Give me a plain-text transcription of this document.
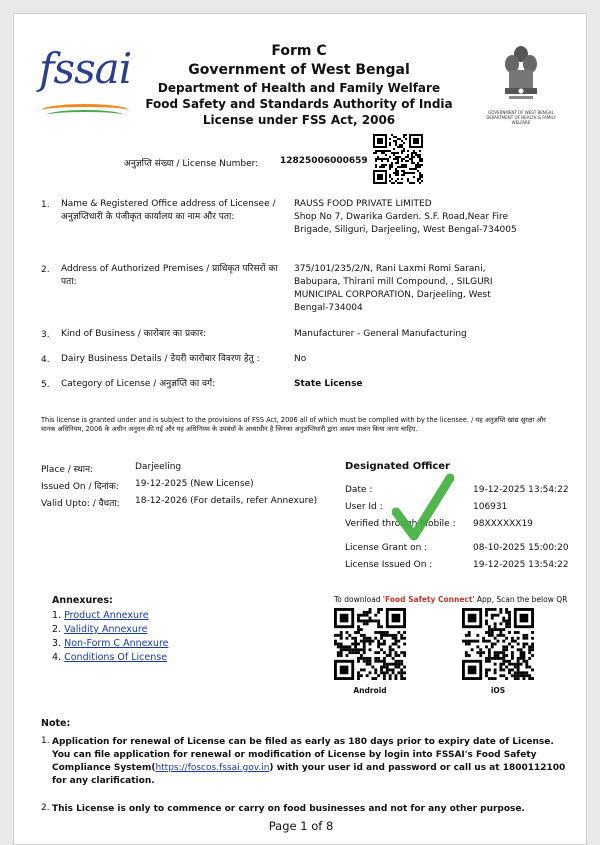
fssai
GOVERNMENT OF WEST BENGAL
DEPARTMENT OF HEALTH & FAMILY WELFARE
Form C
Government of West Bengal
Department of Health and Family Welfare
Food Safety and Standards Authority of India
License under FSS Act, 2006
अनुज्ञप्ति संख्या / License Number: 12825006000659
1. Name & Registered Office address of Licensee / अनुज्ञप्तिधारी के पंजीकृत कार्यालय का नाम और पता:
RAUSS FOOD PRIVATE LIMITED
Shop No 7, Dwarika Garden. S.F. Road,Near Fire Brigade, Siliguri, Darjeeling, West Bengal-734005
2. Address of Authorized Premises / प्राधिकृत परिसरों का पता:
375/101/235/2/N, Rani Laxmi Romi Sarani, Babupara, Thirani mill Compound, , SILGURI MUNICIPAL CORPORATION, Darjeeling, West Bengal-734004
3. Kind of Business / कारोबार का प्रकार:	Manufacturer - General Manufacturing
4. Dairy Business Details / डेयरी कारोबार विवरण हेतु :	No
5. Category of License / अनुज्ञप्ति का वर्ग:	State License
This license is granted under and is subject to the provisions of FSS Act, 2006 all of which must be complied with by the licensee. / यह अनुज्ञप्ति खाद्य सुरक्षा और मानक अधिनियम, 2006 के अधीन अनुदत्त की गई और यह अधिनियम के उपबंधों के अध्याधीन है जिनका अनुज्ञप्तिधारी द्वारा अवश्य पालन किया जाना चाहिए.
Place / स्थान:	Darjeeling
Issued On / दिनांक: 19-12-2025 (New License)
Valid Upto: / वैधता: 18-12-2026 (For details, refer Annexure)
Designated Officer
Date :	19-12-2025 13:54:22
User Id :	106931
Verified through Mobile : 98XXXXXX19
License Grant on :	08-10-2025 15:00:20
License Issued On :	19-12-2025 13:54:22
Annexures:
1. Product Annexure
2. Validity Annexure
3. Non-Form C Annexure
4. Conditions Of License
To download 'Food Safety Connect' App, Scan the below QR
Android	iOS
Note:
1. Application for renewal of License can be filed as early as 180 days prior to expiry date of License. You can file application for renewal or modification of License by login into FSSAI's Food Safety Compliance System(https://foscos.fssai.gov.in) with your user id and password or call us at 1800112100 for any clarification.
2. This License is only to commence or carry on food businesses and not for any other purpose.
Page 1 of 8
